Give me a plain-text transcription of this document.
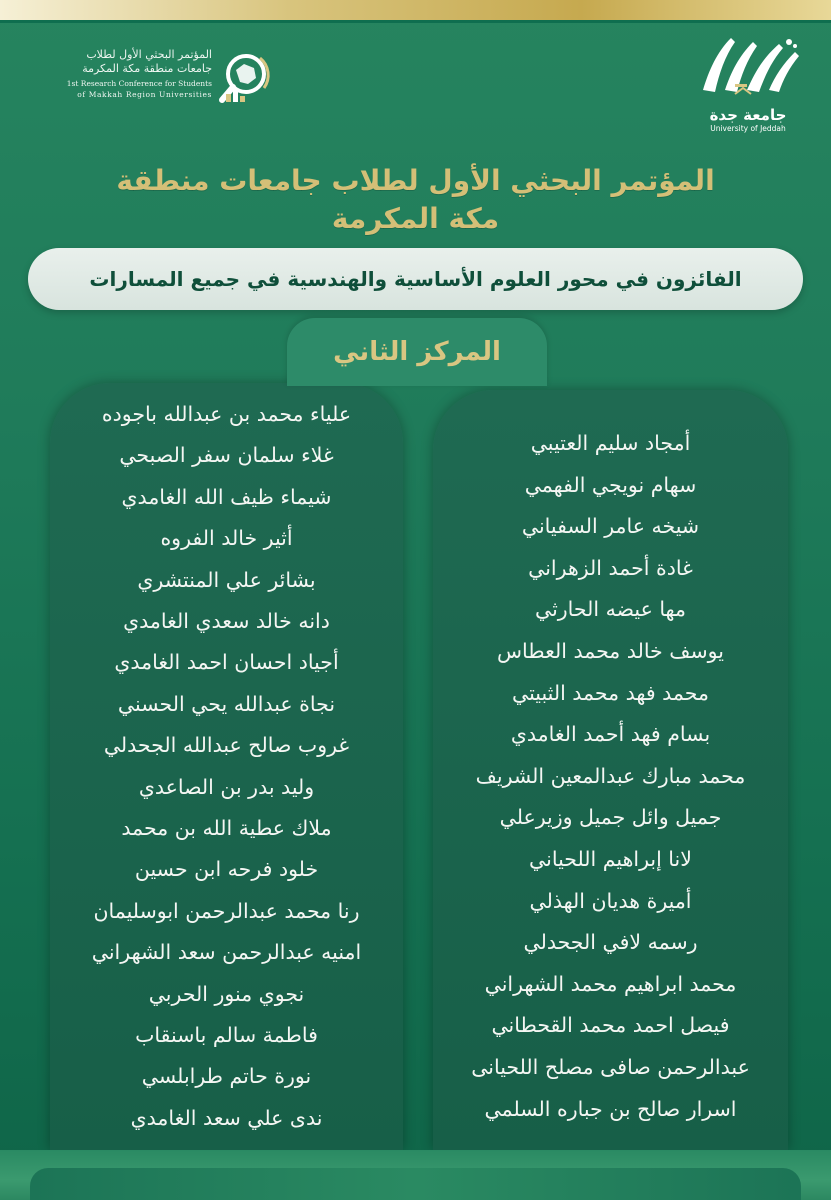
المؤتمر البحثي الأول لطلاب
جامعات منطقة مكة المكرمة
1st Research Conference for Students
of Makkah Region Universities
جامعة جدة
University of Jeddah
المؤتمر البحثي الأول لطلاب جامعات منطقة
مكة المكرمة
الفائزون في محور العلوم الأساسية والهندسية في جميع المسارات
علياء محمد بن عبدالله باجوده
غلاء سلمان سفر الصبحي
شيماء ظيف الله الغامدي
أثير خالد الفروه
بشائر علي المنتشري
دانه خالد سعدي الغامدي
أجياد احسان احمد الغامدي
نجاة عبدالله يحي الحسني
غروب صالح عبدالله الجحدلي
وليد بدر بن الصاعدي
ملاك عطية الله بن محمد
خلود فرحه ابن حسين
رنا محمد عبدالرحمن ابوسليمان
امنيه عبدالرحمن سعد الشهراني
نجوي منور الحربي
فاطمة سالم باسنقاب
نورة حاتم طرابلسي
ندى علي سعد الغامدي
أمجاد سليم العتيبي
سهام نويجي الفهمي
شيخه عامر السفياني
غادة أحمد الزهراني
مها عيضه الحارثي
يوسف خالد محمد العطاس
محمد فهد محمد الثبيتي
بسام فهد أحمد الغامدي
محمد مبارك عبدالمعين الشريف
جميل وائل جميل وزيرعلي
لانا إبراهيم اللحياني
أميرة هديان الهذلي
رسمه لافي الجحدلي
محمد ابراهيم محمد الشهراني
فيصل احمد محمد القحطاني
عبدالرحمن صافى مصلح اللحيانى
اسرار صالح بن جباره السلمي
المركز الثاني
